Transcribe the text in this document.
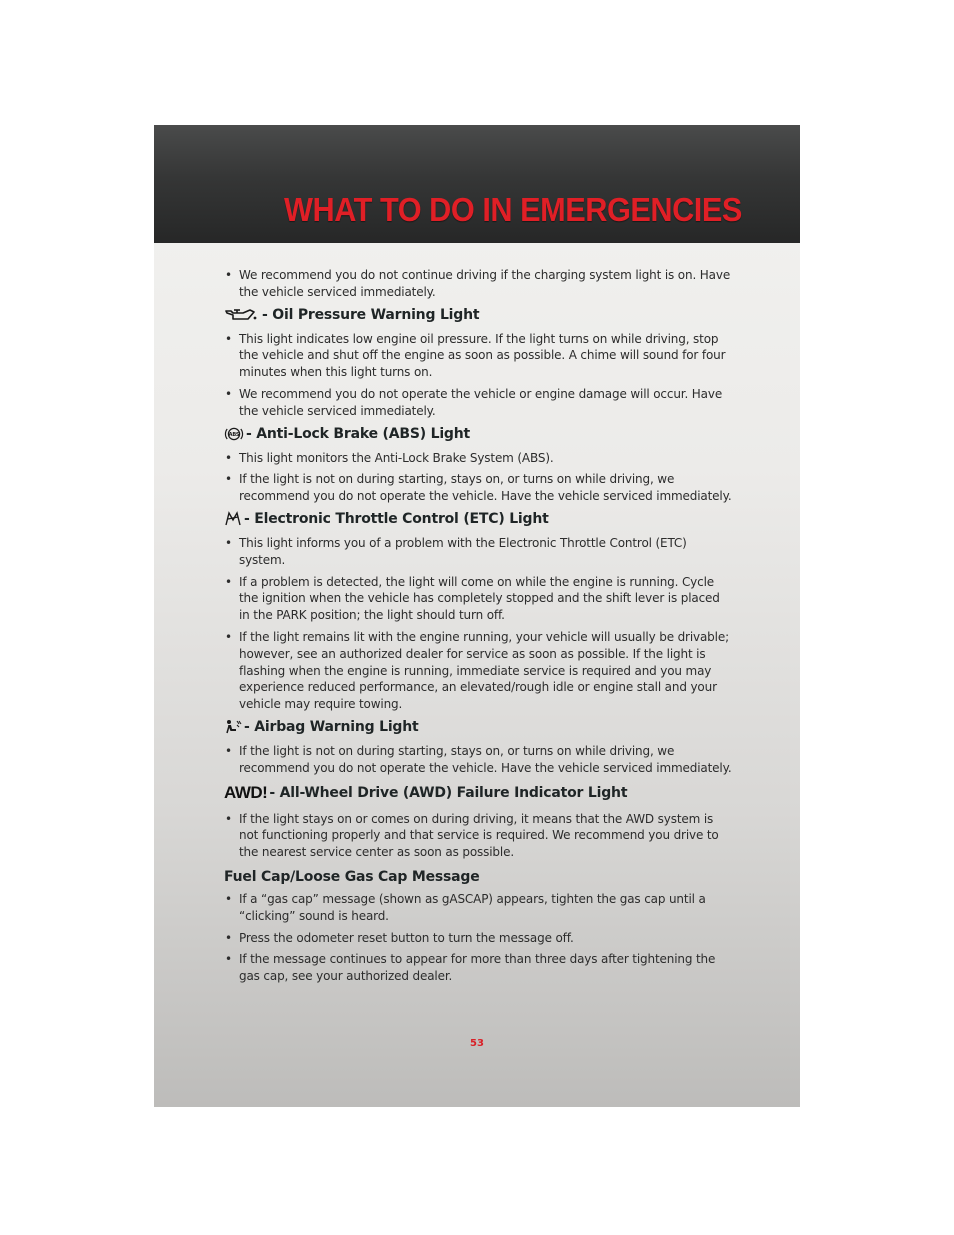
WHAT TO DO IN EMERGENCIES

• We recommend you do not continue driving if the charging system light is on. Have the vehicle serviced immediately.

- Oil Pressure Warning Light

• This light indicates low engine oil pressure. If the light turns on while driving, stop the vehicle and shut off the engine as soon as possible. A chime will sound for four minutes when this light turns on.

• We recommend you do not operate the vehicle or engine damage will occur. Have the vehicle serviced immediately.

ABS - Anti-Lock Brake (ABS) Light

• This light monitors the Anti-Lock Brake System (ABS).

• If the light is not on during starting, stays on, or turns on while driving, we recommend you do not operate the vehicle. Have the vehicle serviced immediately.

- Electronic Throttle Control (ETC) Light

• This light informs you of a problem with the Electronic Throttle Control (ETC) system.

• If a problem is detected, the light will come on while the engine is running. Cycle the ignition when the vehicle has completely stopped and the shift lever is placed in the PARK position; the light should turn off.

• If the light remains lit with the engine running, your vehicle will usually be drivable; however, see an authorized dealer for service as soon as possible. If the light is flashing when the engine is running, immediate service is required and you may experience reduced performance, an elevated/rough idle or engine stall and your vehicle may require towing.

- Airbag Warning Light

• If the light is not on during starting, stays on, or turns on while driving, we recommend you do not operate the vehicle. Have the vehicle serviced immediately.

AWD! - All-Wheel Drive (AWD) Failure Indicator Light

• If the light stays on or comes on during driving, it means that the AWD system is not functioning properly and that service is required. We recommend you drive to the nearest service center as soon as possible.

Fuel Cap/Loose Gas Cap Message

• If a “gas cap” message (shown as gASCAP) appears, tighten the gas cap until a “clicking” sound is heard.

• Press the odometer reset button to turn the message off.

• If the message continues to appear for more than three days after tightening the gas cap, see your authorized dealer.

53
